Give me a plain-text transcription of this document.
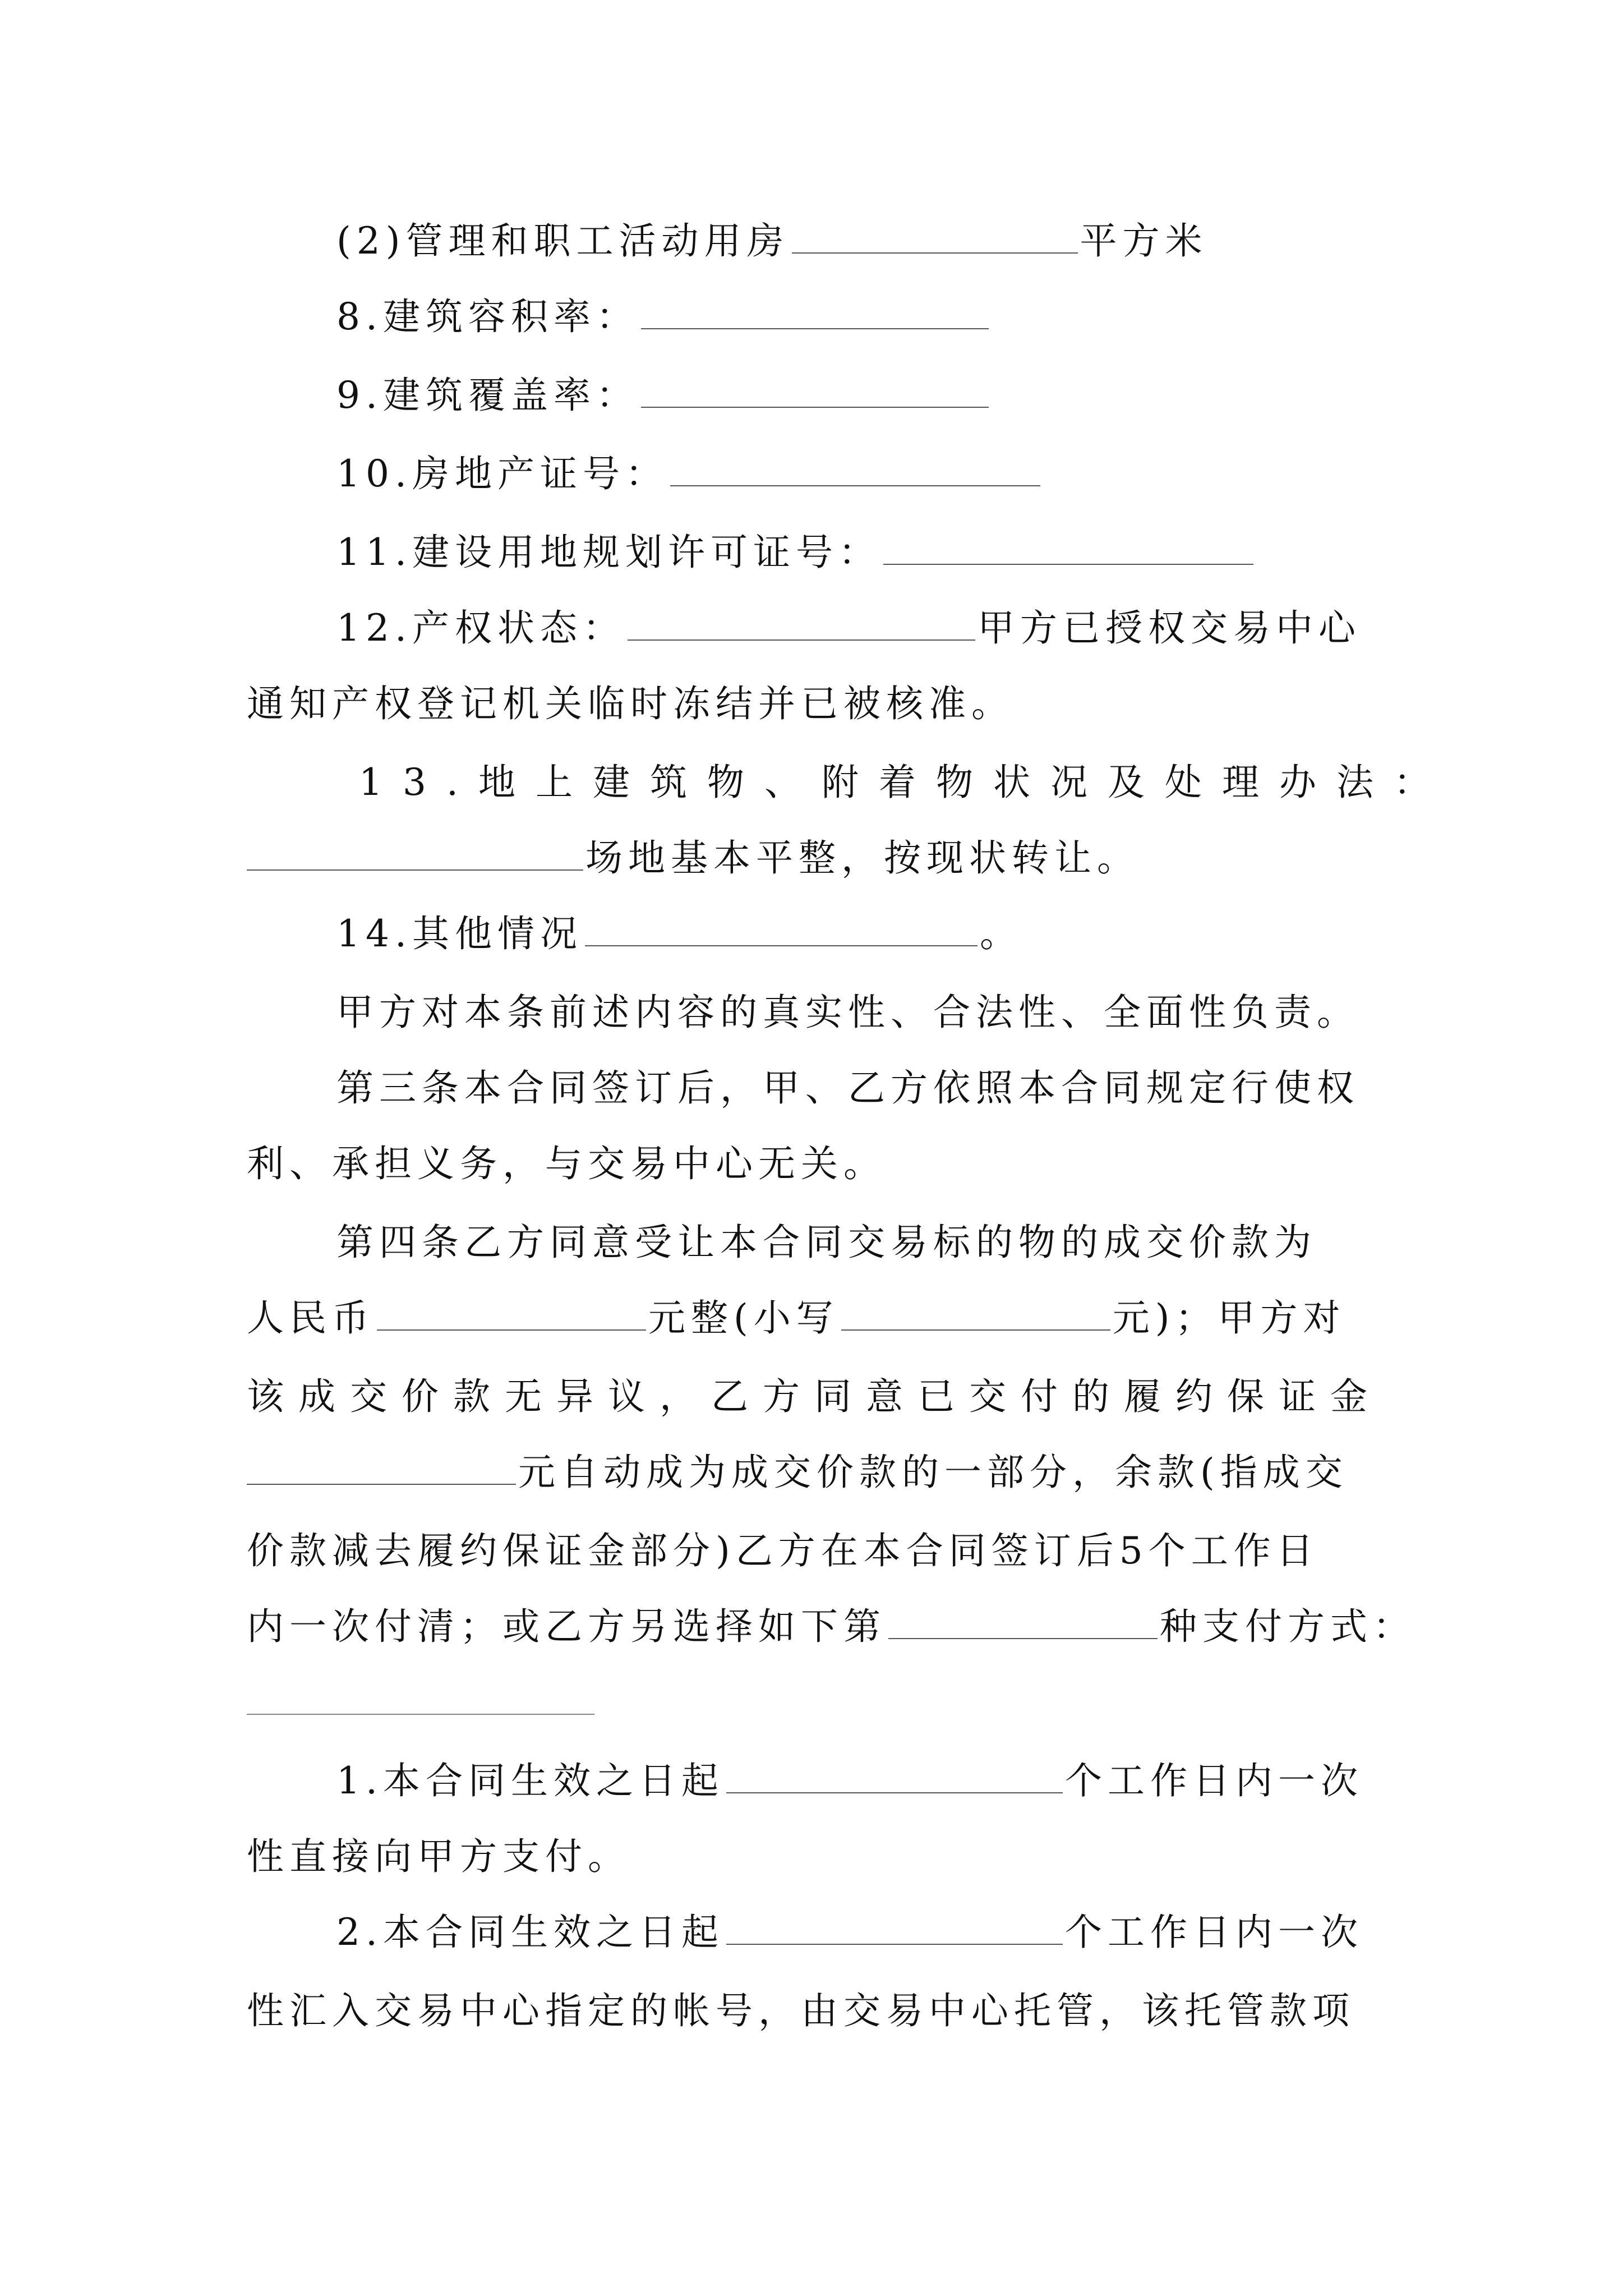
(2)管理和职工活动用房	平方米
8.建筑容积率：
9.建筑覆盖率：
10.房地产证号：
11.建设用地规划许可证号：
12.产权状态：	甲方已授权交易中心
通知产权登记机关临时冻结并已被核准。
13.地上建筑物、附着物状况及处理办法：
场地基本平整，按现状转让。
14.其他情况	。
甲方对本条前述内容的真实性、合法性、全面性负责。
第三条本合同签订后，甲、乙方依照本合同规定行使权
利、承担义务，与交易中心无关。
第四条乙方同意受让本合同交易标的物的成交价款为
人民币	元整(小写	元)；甲方对
该成交价款无异议，乙方同意已交付的履约保证金
元自动成为成交价款的一部分，余款(指成交
价款减去履约保证金部分)乙方在本合同签订后5个工作日
内一次付清；或乙方另选择如下第	种支付方式：
1.本合同生效之日起	个工作日内一次
性直接向甲方支付。
2.本合同生效之日起	个工作日内一次
性汇入交易中心指定的帐号，由交易中心托管，该托管款项
